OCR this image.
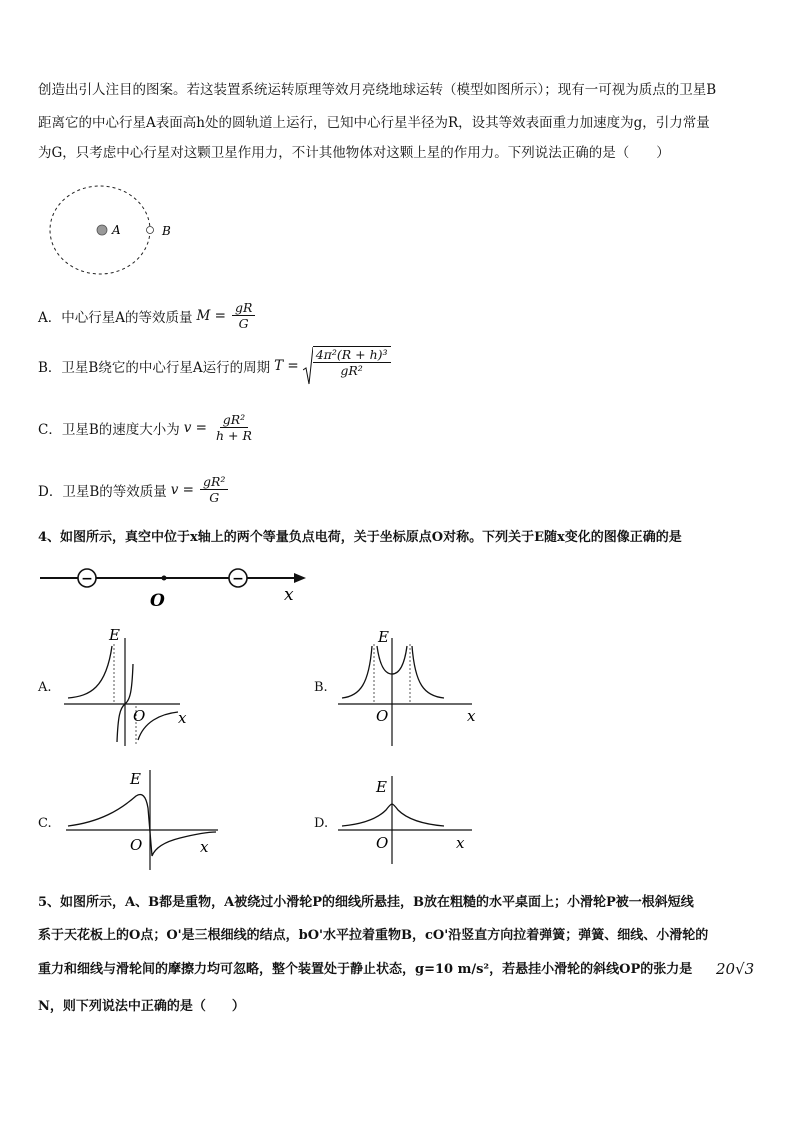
创造出引人注目的图案。若这装置系统运转原理等效月亮绕地球运转（模型如图所示）；现有一可视为质点的卫星B
距离它的中心行星A表面高h处的圆轨道上运行，已知中心行星半径为R，设其等效表面重力加速度为g，引力常量
为G，只考虑中心行星对这颗卫星作用力，不计其他物体对这颗上星的作用力。下列说法正确的是（　　）
A	B
A．中心行星A的等效质量 $M = \frac{gR}{G}$
B．卫星B绕它的中心行星A运行的周期 $T = \frac{\text{4π²(R + h)³}}{\text{gR²}}$
C．卫星B的速度大小为 $v = \frac{\text{gR²}}{h + R}$
D．卫星B的等效质量 $v = \frac{\text{gR²}}{G}$
4、如图所示，真空中位于x轴上的两个等量负点电荷，关于坐标原点O对称。下列关于E随x变化的图像正确的是
−	−
O	x
A.
E
O x
B.
E
O	x
C.
E
O	x
D.
E
O	x
5、如图所示，A、B都是重物，A被绕过小滑轮P的细线所悬挂，B放在粗糙的水平桌面上；小滑轮P被一根斜短线
系于天花板上的O点；O'是三根细线的结点，bO'水平拉着重物B，cO'沿竖直方向拉着弹簧；弹簧、细线、小滑轮的
重力和细线与滑轮间的摩擦力均可忽略，整个装置处于静止状态，g=10 m/s²，若悬挂小滑轮的斜线OP的张力是 20√3
N，则下列说法中正确的是（　　）
